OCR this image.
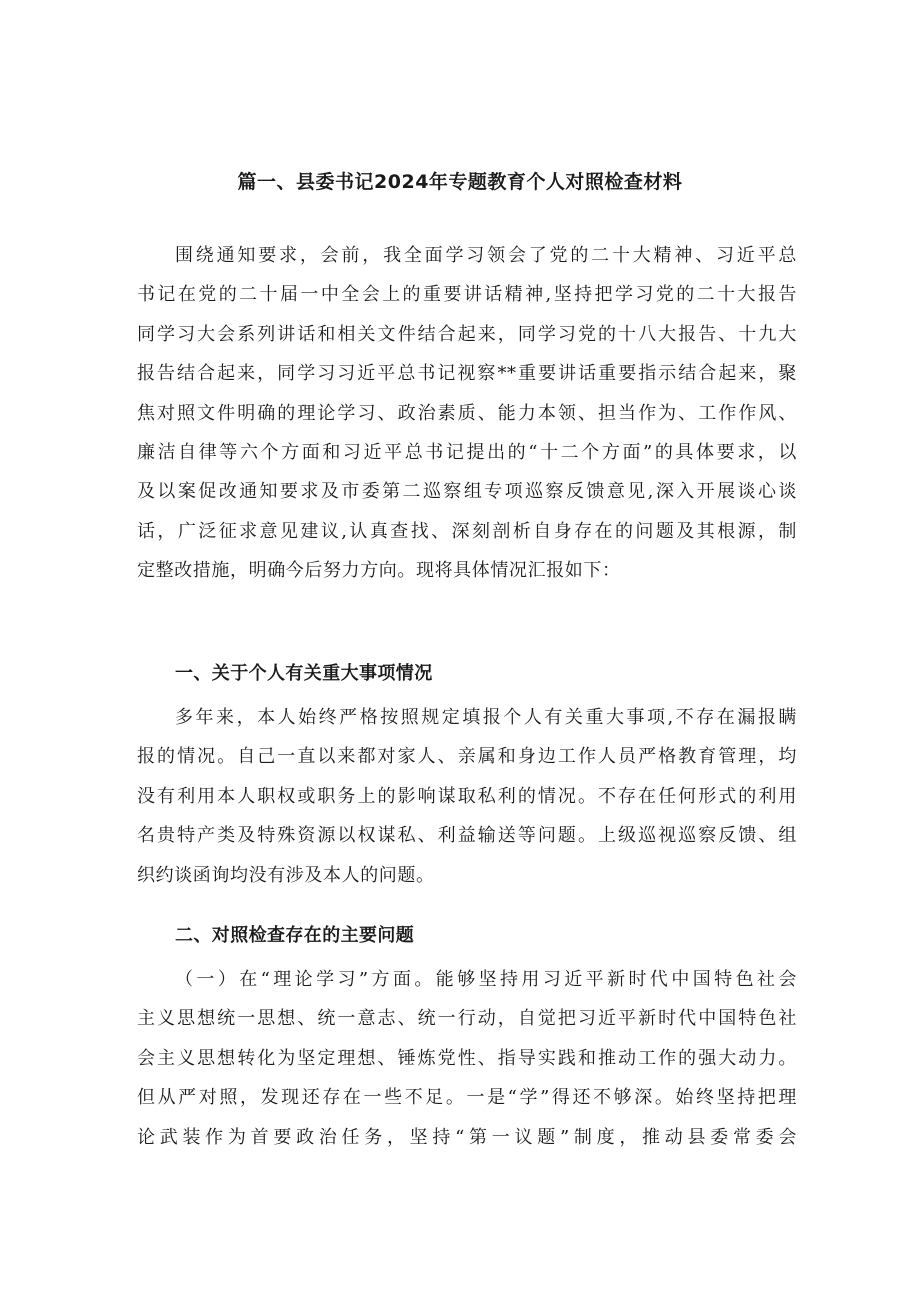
篇一、县委书记2024年专题教育个人对照检查材料
围绕通知要求，会前，我全面学习领会了党的二十大精神、习近平总
书记在党的二十届一中全会上的重要讲话精神,坚持把学习党的二十大报告
同学习大会系列讲话和相关文件结合起来，同学习党的十八大报告、十九大
报告结合起来，同学习习近平总书记视察**重要讲话重要指示结合起来，聚
焦对照文件明确的理论学习、政治素质、能力本领、担当作为、工作作风、
廉洁自律等六个方面和习近平总书记提出的“十二个方面”的具体要求，以
及以案促改通知要求及市委第二巡察组专项巡察反馈意见,深入开展谈心谈
话，广泛征求意见建议,认真查找、深刻剖析自身存在的问题及其根源，制
定整改措施，明确今后努力方向。现将具体情况汇报如下：
一、关于个人有关重大事项情况
多年来，本人始终严格按照规定填报个人有关重大事项,不存在漏报瞒
报的情况。自己一直以来都对家人、亲属和身边工作人员严格教育管理，均
没有利用本人职权或职务上的影响谋取私利的情况。不存在任何形式的利用
名贵特产类及特殊资源以权谋私、利益输送等问题。上级巡视巡察反馈、组
织约谈函询均没有涉及本人的问题。
二、对照检查存在的主要问题
（一）在“理论学习”方面。能够坚持用习近平新时代中国特色社会
主义思想统一思想、统一意志、统一行动，自觉把习近平新时代中国特色社
会主义思想转化为坚定理想、锤炼党性、指导实践和推动工作的强大动力。
但从严对照，发现还存在一些不足。一是“学”得还不够深。始终坚持把理
论武装作为首要政治任务，坚持“第一议题”制度，推动县委常委会
